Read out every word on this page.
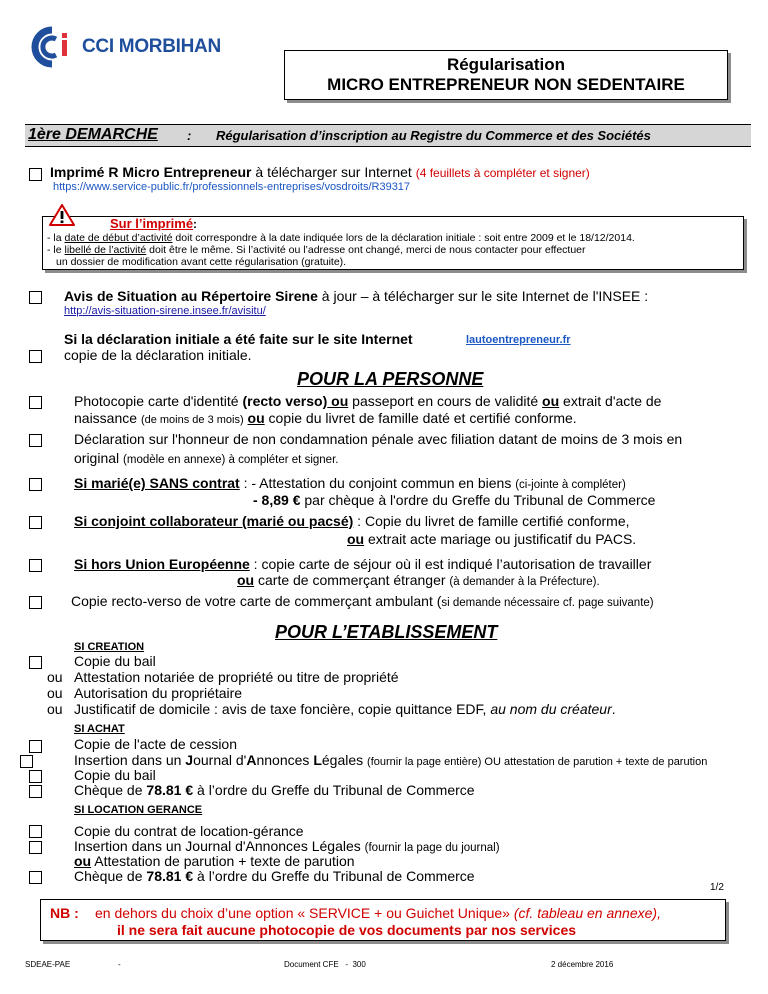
CCI MORBIHAN
Régularisation
MICRO ENTREPRENEUR NON SEDENTAIRE
1ère DEMARCHE : Régularisation d’inscription au Registre du Commerce et des Sociétés
Imprimé R Micro Entrepreneur à télécharger sur Internet (4 feuillets à compléter et signer)
https://www.service-public.fr/professionnels-entreprises/vosdroits/R39317
Sur l’imprimé :
- la date de début d’activité doit correspondre à la date indiquée lors de la déclaration initiale : soit entre 2009 et le 18/12/2014.
- le libellé de l’activité doit être le même. Si l’activité ou l’adresse ont changé, merci de nous contacter pour effectuer
un dossier de modification avant cette régularisation (gratuite).
Avis de Situation au Répertoire Sirene à jour – à télécharger sur le site Internet de l'INSEE :
http://avis-situation-sirene.insee.fr/avisitu/
Si la déclaration initiale a été faite sur le site Internet	lautoentrepreneur.fr
copie de la déclaration initiale.
POUR LA PERSONNE
Photocopie carte d'identité (recto verso) ou passeport en cours de validité ou extrait d'acte de
naissance (de moins de 3 mois) ou copie du livret de famille daté et certifié conforme.
Déclaration sur l'honneur de non condamnation pénale avec filiation datant de moins de 3 mois en
original (modèle en annexe) à compléter et signer.
Si marié(e) SANS contrat : - Attestation du conjoint commun en biens (ci-jointe à compléter)
- 8,89 € par chèque à l'ordre du Greffe du Tribunal de Commerce
Si conjoint collaborateur (marié ou pacsé) : Copie du livret de famille certifié conforme,
ou extrait acte mariage ou justificatif du PACS.
Si hors Union Européenne : copie carte de séjour où il est indiqué l’autorisation de travailler
ou carte de commerçant étranger (à demander à la Préfecture).
Copie recto-verso de votre carte de commerçant ambulant (si demande nécessaire cf. page suivante)
POUR L’ETABLISSEMENT
SI CREATION
Copie du bail
ou Attestation notariée de propriété ou titre de propriété
ou Autorisation du propriétaire
ou Justificatif de domicile : avis de taxe foncière, copie quittance EDF, au nom du créateur.
SI ACHAT
Copie de l'acte de cession
Insertion dans un Journal d'Annonces Légales (fournir la page entière) OU attestation de parution + texte de parution
Copie du bail
Chèque de 78.81 € à l’ordre du Greffe du Tribunal de Commerce
SI LOCATION GERANCE
Copie du contrat de location-gérance
Insertion dans un Journal d'Annonces Légales (fournir la page du journal)
ou Attestation de parution + texte de parution
Chèque de 78.81 € à l’ordre du Greffe du Tribunal de Commerce
1/2
NB : en dehors du choix d’une option « SERVICE + ou Guichet Unique» (cf. tableau en annexe),
il ne sera fait aucune photocopie de vos documents par nos services
SDEAE-PAE	-	Document CFE   -  300	2 décembre 2016
